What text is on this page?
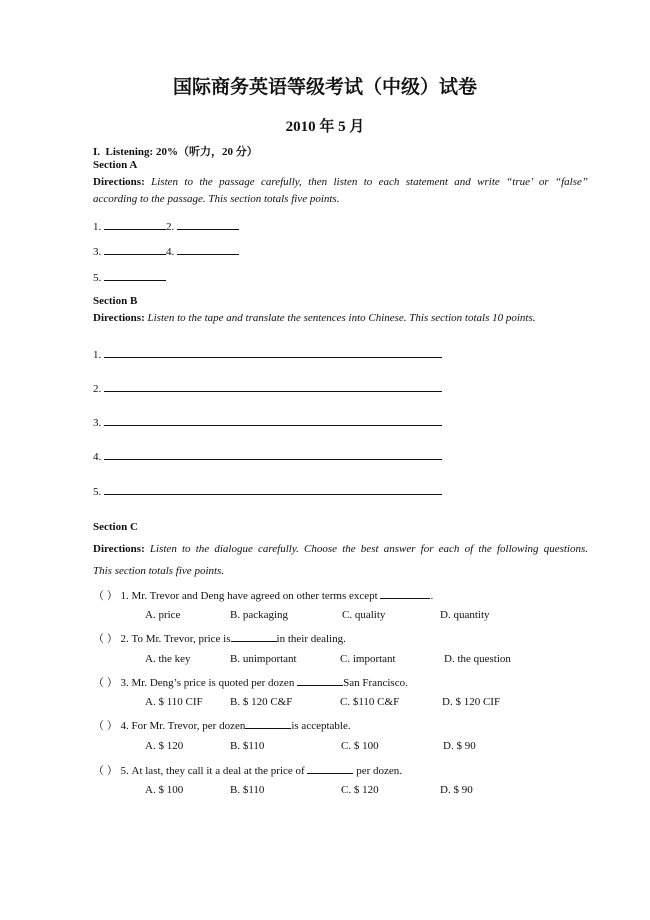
国际商务英语等级考试（中级）试卷
2010 年 5 月
I. Listening: 20%（听力，20 分）
Section A
Directions: Listen to the passage carefully, then listen to each statement and write “true’ or “false”
according to the passage. This section totals five points.
1.	2.
3.	4.
5.
Section B
Directions: Listen to the tape and translate the sentences into Chinese. This section totals 10 points.
1.
2.
3.
4.
5.
Section C
Directions: Listen to the dialogue carefully. Choose the best answer for each of the following questions.
This section totals five points.
（ ） 1. Mr. Trevor and Deng have agreed on other terms except	.
A. price	B. packaging	C. quality	D. quantity
（ ） 2. To Mr. Trevor, price is	in their dealing.
A. the key	B. unimportant	C. important	D. the question
（ ） 3. Mr. Deng’s price is quoted per dozen	San Francisco.
A. $ 110 CIF B. $ 120 C&F	C. $110 C&F	D. $ 120 CIF
（ ） 4. For Mr. Trevor, per dozen	is acceptable.
A. $ 120	B. $110	C. $ 100	D. $ 90
（ ） 5. At last, they call it a deal at the price of	per dozen.
A. $ 100	B. $110	C. $ 120	D. $ 90
